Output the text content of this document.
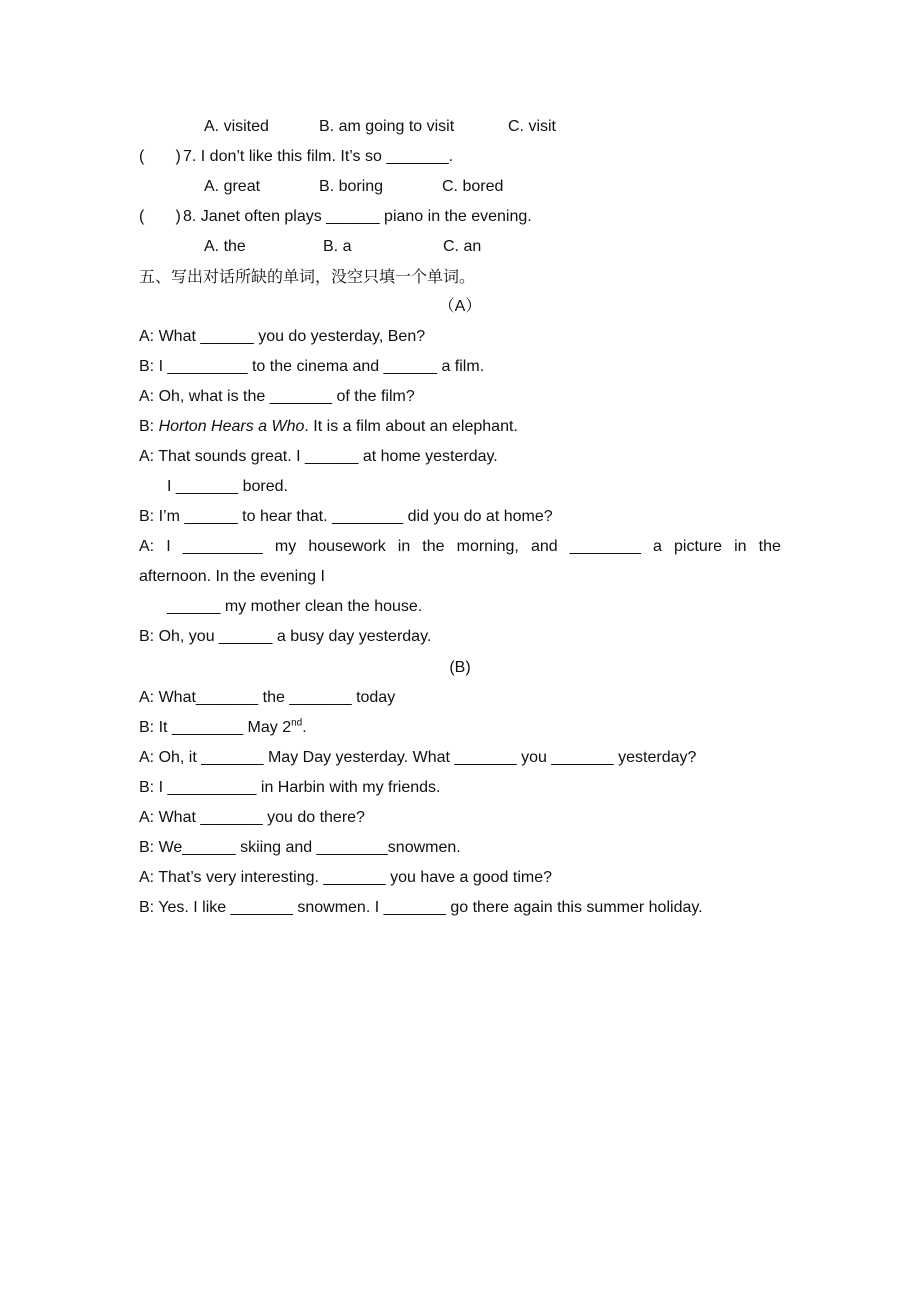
A. visited	B. am going to visit	C. visit
(       ) 7. I don’t like this film. It’s so _______.
A. great	B. boring	C. bored
(       ) 8. Janet often plays ______ piano in the evening.
A. the	B. a	C. an
五、写出对话所缺的单词，没空只填一个单词。
（A）
A: What ______ you do yesterday, Ben?
B: I _________ to the cinema and ______ a film.
A: Oh, what is the _______ of the film?
B: Horton Hears a Who. It is a film about an elephant.
A: That sounds great. I ______ at home yesterday.
I _______ bored.
B: I’m ______ to hear that. ________ did you do at home?
A: I _________ my housework in the morning, and ________ a picture in the
afternoon. In the evening I
______ my mother clean the house.
B: Oh, you ______ a busy day yesterday.
(B)
A: What_______ the _______ today
B: It ________ May 2nd.
A: Oh, it _______ May Day yesterday. What _______ you _______ yesterday?
B: I __________ in Harbin with my friends.
A: What _______ you do there?
B: We______ skiing and ________snowmen.
A: That’s very interesting. _______ you have a good time?
B: Yes. I like _______ snowmen. I _______ go there again this summer holiday.
